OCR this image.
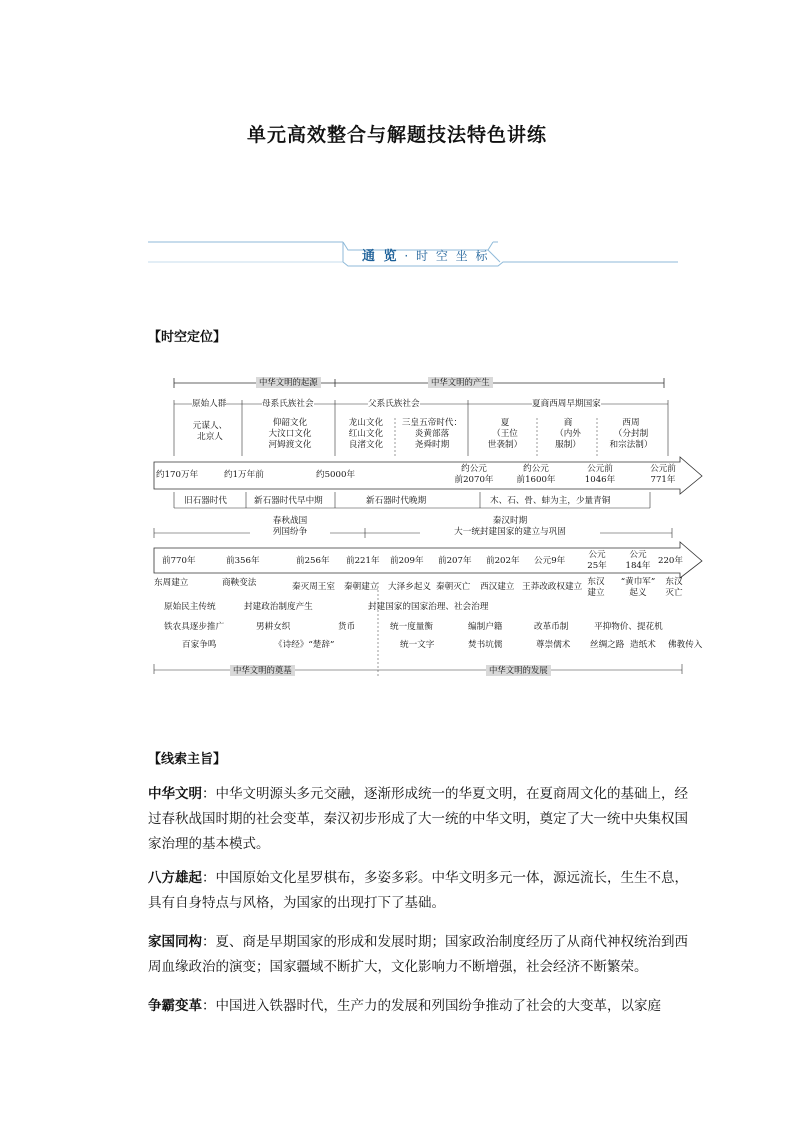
单元高效整合与解题技法特色讲练
通 览 · 时 空 坐 标
【时空定位】
中华文明的起源	中华文明的产生
原始人群	母系氏族社会	父系氏族社会	夏商西周早期国家
元谋人、
北京人
仰韶文化
大汶口文化
河姆渡文化
龙山文化
红山文化
良渚文化
三皇五帝时代：
炎黄部落
尧舜时期
夏
（王位
世袭制）
商
（内外
服制）
西周
（分封制
和宗法制）
约170万年	约1万年前	约5000年
约公元
前2070年
约公元
前1600年
公元前
1046年
公元前
771年
旧石器时代	新石器时代早中期	新石器时代晚期	木、石、骨、蚌为主，少量青铜
春秋战国
列国纷争
秦汉时期
大一统封建国家的建立与巩固
前770年	前356年	前256年 前221年 前209年 前207年 前202年 公元9年
公元
25年
公元
184年 220年
东周建立	商鞅变法	秦灭周王室 秦朝建立 大泽乡起义 秦朝灭亡 西汉建立 王莽改政权建立 东汉
建立
“黄巾军”
起义
东汉
灭亡
原始民主传统	封建政治制度产生	封建国家的国家治理、社会治理
铁农具逐步推广	男耕女织	货币	统一度量衡	编制户籍	改革币制	平抑物价、提花机
百家争鸣	《诗经》“楚辞”	统一文字	焚书坑儒	尊崇儒术 丝绸之路 造纸术 佛教传入
中华文明的奠基	中华文明的发展
【线索主旨】
中华文明：中华文明源头多元交融，逐渐形成统一的华夏文明，在夏商周文化的基础上，经过春秋战国时期的社会变革，秦汉初步形成了大一统的中华文明，奠定了大一统中央集权国家治理的基本模式。
八方雄起：中国原始文化星罗棋布，多姿多彩。中华文明多元一体，源远流长，生生不息，具有自身特点与风格，为国家的出现打下了基础。
家国同构：夏、商是早期国家的形成和发展时期；国家政治制度经历了从商代神权统治到西周血缘政治的演变；国家疆域不断扩大，文化影响力不断增强，社会经济不断繁荣。
争霸变革：中国进入铁器时代，生产力的发展和列国纷争推动了社会的大变革，以家庭
